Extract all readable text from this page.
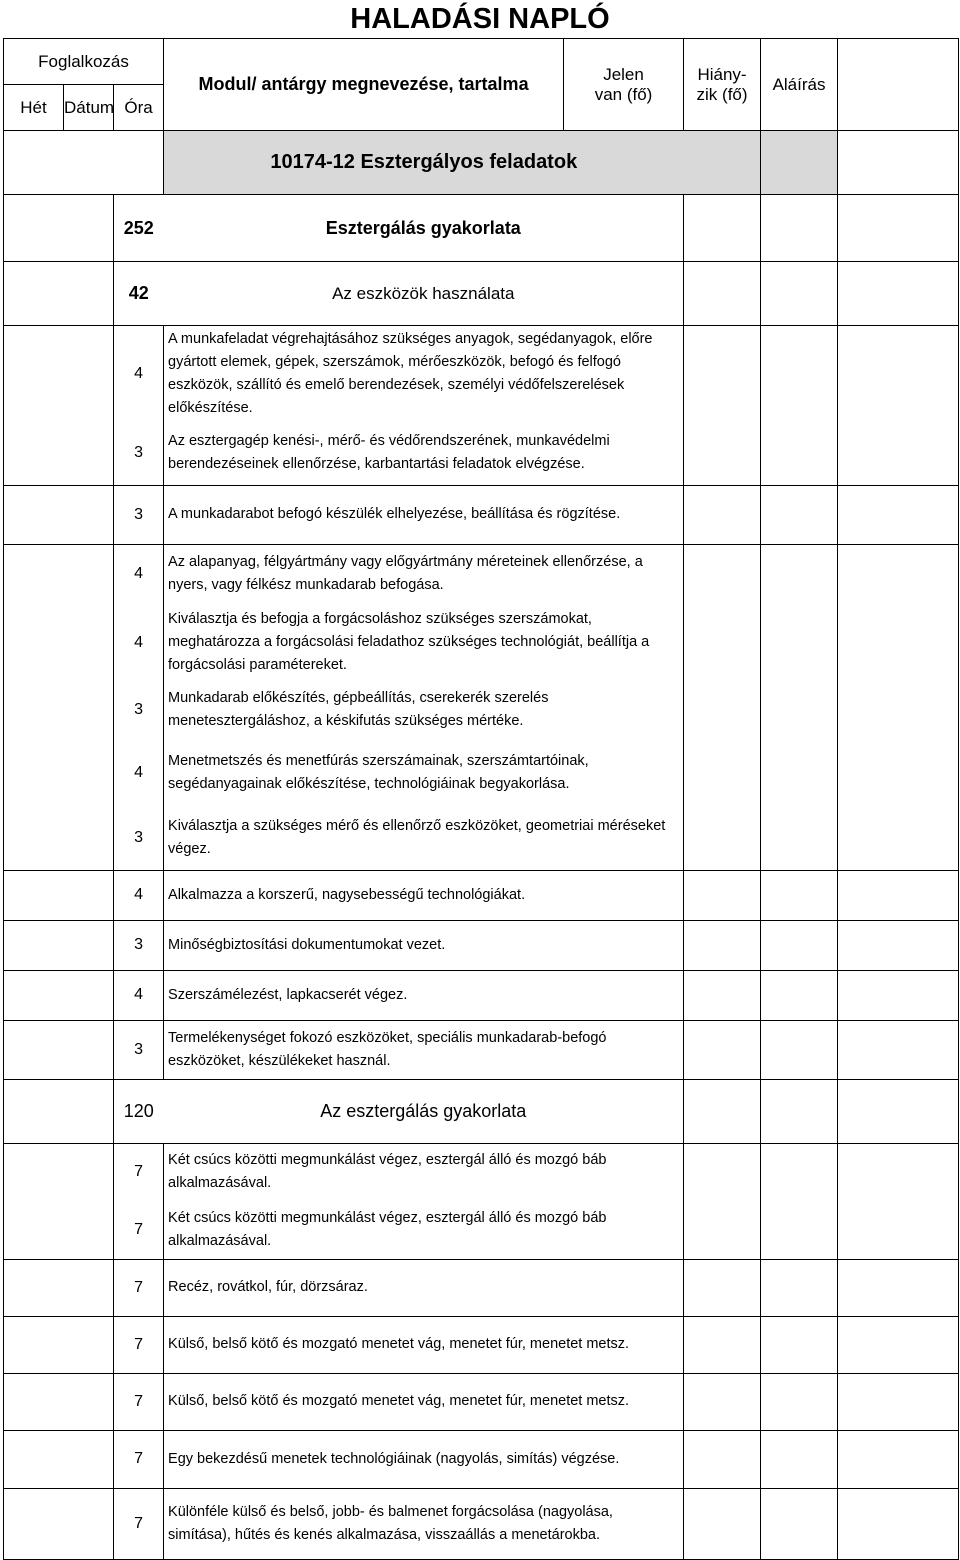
HALADÁSI NAPLÓ
Foglalkozás			Modul/ antárgy megnevezése, tartalma	Jelen
van (fő)	Hiány-
zik (fő)	Aláírás	
Hét	Dátum	Óra					
			10174-12 Esztergályos feladatok				
		252	Esztergálás gyakorlata				
		42	Az eszközök használata				
		4	A munkafeladat végrehajtásához szükséges anyagok, segédanyagok, előre gyártott elemek, gépek, szerszámok, mérőeszközök, befogó és felfogó eszközök, szállító és emelő berendezések, személyi védőfelszerelések előkészítése.				
		3	Az esztergagép kenési-, mérő- és védőrendszerének, munkavédelmi berendezéseinek ellenőrzése, karbantartási feladatok elvégzése.				
		3	A munkadarabot befogó készülék elhelyezése, beállítása és rögzítése.				
		4	Az alapanyag, félgyártmány vagy előgyártmány méreteinek ellenőrzése, a nyers, vagy félkész munkadarab befogása.				
		4	Kiválasztja és befogja a forgácsoláshoz szükséges szerszámokat, meghatározza a forgácsolási feladathoz szükséges technológiát, beállítja a forgácsolási paramétereket.				
		3	Munkadarab előkészítés, gépbeállítás, cserekerék szerelés menetesztergáláshoz, a késkifutás szükséges mértéke.				
		4	Menetmetszés és menetfúrás szerszámainak, szerszámtartóinak, segédanyagainak előkészítése, technológiáinak begyakorlása.				
		3	Kiválasztja a szükséges mérő és ellenőrző eszközöket, geometriai méréseket végez.				
		4	Alkalmazza a korszerű, nagysebességű technológiákat.				
		3	Minőségbiztosítási dokumentumokat vezet.				
		4	Szerszámélezést, lapkacserét végez.				
		3	Termelékenységet fokozó eszközöket, speciális munkadarab-befogó eszközöket, készülékeket használ.				
		120	Az esztergálás gyakorlata				
		7	Két csúcs közötti megmunkálást végez, esztergál álló és mozgó báb alkalmazásával.				
		7	Két csúcs közötti megmunkálást végez, esztergál álló és mozgó báb alkalmazásával.				
		7	Recéz, rovátkol, fúr, dörzsáraz.				
		7	Külső, belső kötő és mozgató menetet vág, menetet fúr, menetet metsz.				
		7	Külső, belső kötő és mozgató menetet vág, menetet fúr, menetet metsz.				
		7	Egy bekezdésű menetek technológiáinak (nagyolás, simítás) végzése.				
		7	Különféle külső és belső, jobb- és balmenet forgácsolása (nagyolása, simítása), hűtés és kenés alkalmazása, visszaállás a menetárokba.				
